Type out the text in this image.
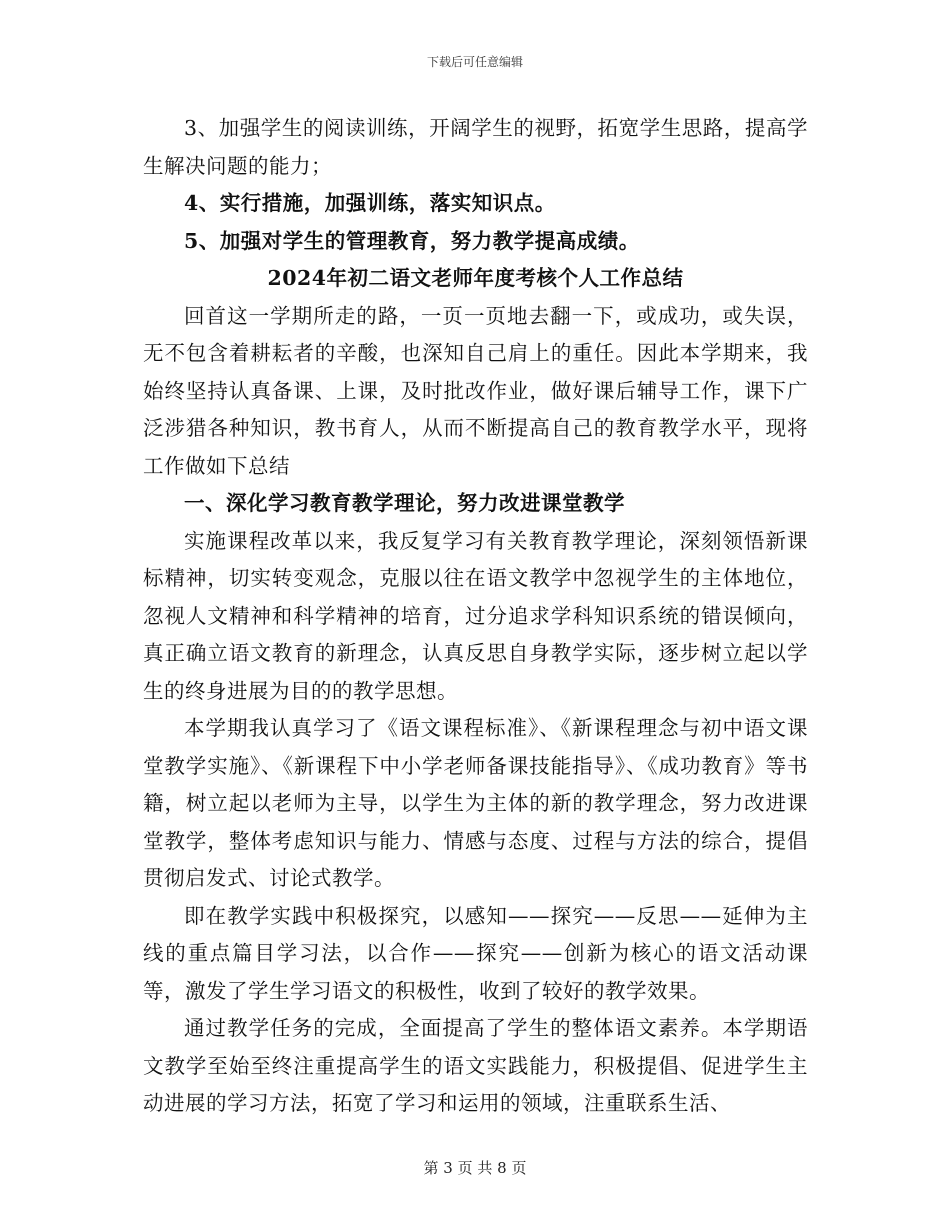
下载后可任意编辑

3、加强学生的阅读训练，开阔学生的视野，拓宽学生思路，提高学生解决问题的能力；

4、实行措施，加强训练，落实知识点。

5、加强对学生的管理教育，努力教学提高成绩。

2024年初二语文老师年度考核个人工作总结

回首这一学期所走的路，一页一页地去翻一下，或成功，或失误，无不包含着耕耘者的辛酸，也深知自己肩上的重任。因此本学期来，我始终坚持认真备课、上课，及时批改作业，做好课后辅导工作，课下广泛涉猎各种知识，教书育人，从而不断提高自己的教育教学水平，现将工作做如下总结

一、深化学习教育教学理论，努力改进课堂教学

实施课程改革以来，我反复学习有关教育教学理论，深刻领悟新课标精神，切实转变观念，克服以往在语文教学中忽视学生的主体地位，忽视人文精神和科学精神的培育，过分追求学科知识系统的错误倾向，真正确立语文教育的新理念，认真反思自身教学实际，逐步树立起以学生的终身进展为目的的教学思想。

本学期我认真学习了《语文课程标准》、《新课程理念与初中语文课堂教学实施》、《新课程下中小学老师备课技能指导》、《成功教育》等书籍，树立起以老师为主导，以学生为主体的新的教学理念，努力改进课堂教学，整体考虑知识与能力、情感与态度、过程与方法的综合，提倡贯彻启发式、讨论式教学。

即在教学实践中积极探究，以感知——探究——反思——延伸为主线的重点篇目学习法，以合作——探究——创新为核心的语文活动课等，激发了学生学习语文的积极性，收到了较好的教学效果。

通过教学任务的完成，全面提高了学生的整体语文素养。本学期语文教学至始至终注重提高学生的语文实践能力，积极提倡、促进学生主动进展的学习方法，拓宽了学习和运用的领域，注重联系生活、

第 3 页 共 8 页
